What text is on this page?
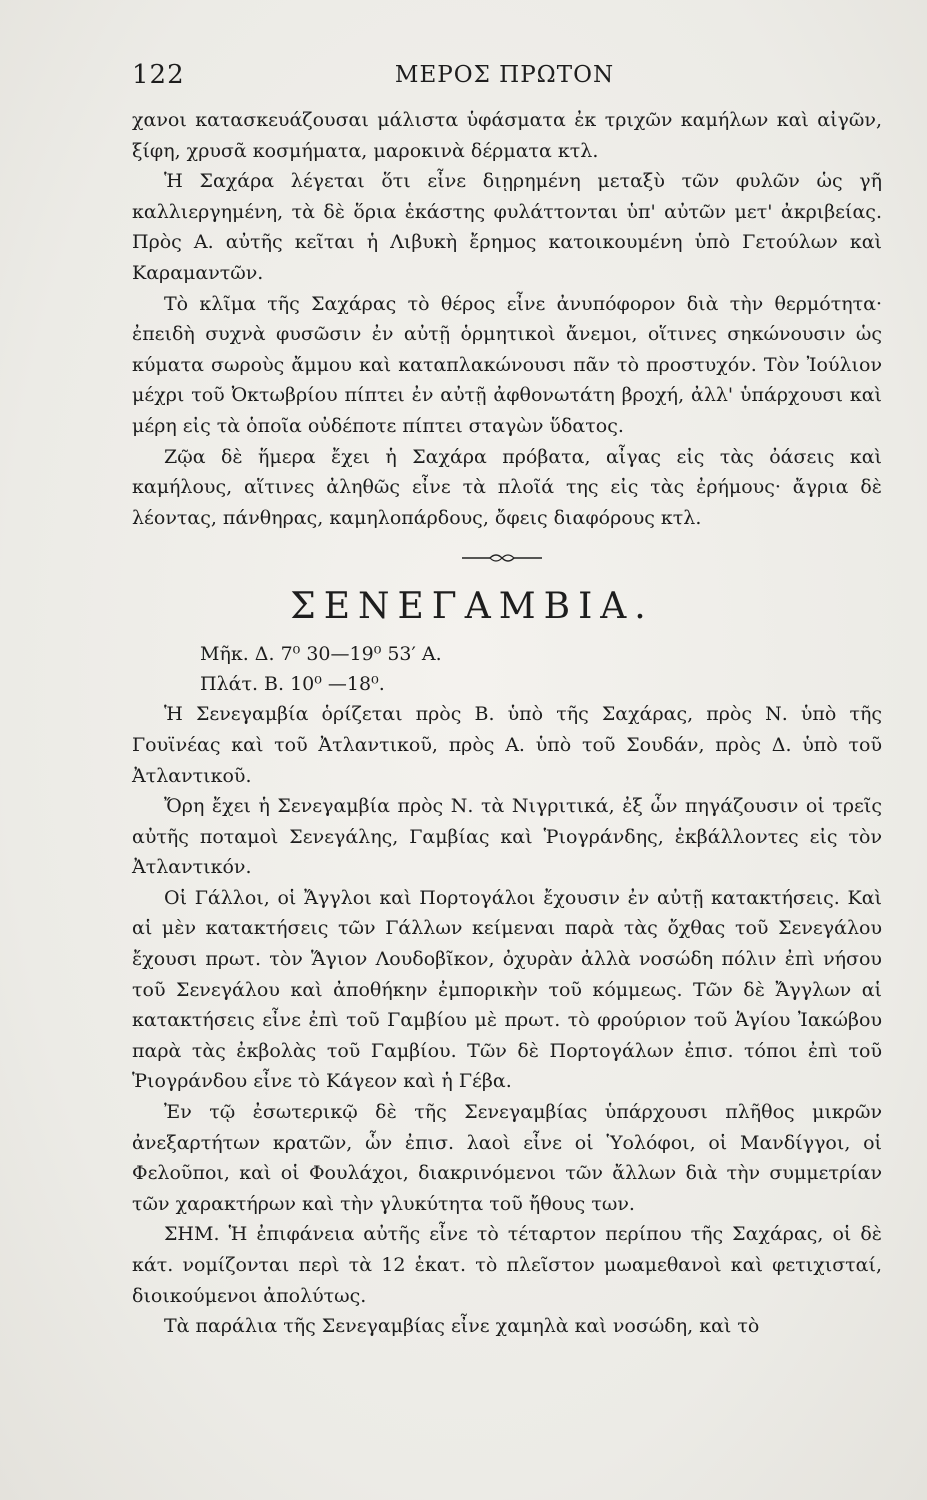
122	ΜΕΡΟΣ ΠΡΩΤΟΝ

χανοι κατασκευάζουσαι μάλιστα ὑφάσματα ἐκ τριχῶν καμήλων καὶ αἰγῶν, ξίφη, χρυσᾶ κοσμήματα, μαροκινὰ δέρματα κτλ.

Ἡ Σαχάρα λέγεται ὅτι εἶνε διῃρημένη μεταξὺ τῶν φυλῶν ὡς γῆ καλλιεργημένη, τὰ δὲ ὅρια ἑκάστης φυλάττονται ὑπ' αὐτῶν μετ' ἀκριβείας. Πρὸς Α. αὐτῆς κεῖται ἡ Λιβυκὴ ἔρημος κατοικουμένη ὑπὸ Γετούλων καὶ Καραμαντῶν.

Τὸ κλῖμα τῆς Σαχάρας τὸ θέρος εἶνε ἀνυπόφορον διὰ τὴν θερμότητα· ἐπειδὴ συχνὰ φυσῶσιν ἐν αὐτῇ ὁρμητικοὶ ἄνεμοι, οἵτινες σηκώνουσιν ὡς κύματα σωροὺς ἄμμου καὶ καταπλακώνουσι πᾶν τὸ προστυχόν. Τὸν Ἰούλιον μέχρι τοῦ Ὀκτωβρίου πίπτει ἐν αὐτῇ ἀφθονωτάτη βροχή, ἀλλ' ὑπάρχουσι καὶ μέρη εἰς τὰ ὁποῖα οὐδέποτε πίπτει σταγὼν ὕδατος.

Ζῷα δὲ ἥμερα ἔχει ἡ Σαχάρα πρόβατα, αἶγας εἰς τὰς ὀάσεις καὶ καμήλους, αἵτινες ἀληθῶς εἶνε τὰ πλοῖά της εἰς τὰς ἐρήμους· ἄγρια δὲ λέοντας, πάνθηρας, καμηλοπάρδους, ὄφεις διαφόρους κτλ.

ΣΕΝΕΓΑΜΒΙΑ.
Μῆκ. Δ. 7⁰ 30—19⁰ 53′ Α.
Πλάτ. Β. 10⁰ —18⁰.

Ἡ Σενεγαμβία ὁρίζεται πρὸς Β. ὑπὸ τῆς Σαχάρας, πρὸς Ν. ὑπὸ τῆς Γουϊνέας καὶ τοῦ Ἀτλαντικοῦ, πρὸς Α. ὑπὸ τοῦ Σουδάν, πρὸς Δ. ὑπὸ τοῦ Ἀτλαντικοῦ.

Ὄρη ἔχει ἡ Σενεγαμβία πρὸς Ν. τὰ Νιγριτικά, ἐξ ὧν πηγάζουσιν οἱ τρεῖς αὐτῆς ποταμοὶ Σενεγάλης, Γαμβίας καὶ Ῥιογράνδης, ἐκβάλλοντες εἰς τὸν Ἀτλαντικόν.

Οἱ Γάλλοι, οἱ Ἄγγλοι καὶ Πορτογάλοι ἔχουσιν ἐν αὐτῇ κατακτήσεις. Καὶ αἱ μὲν κατακτήσεις τῶν Γάλλων κείμεναι παρὰ τὰς ὄχθας τοῦ Σενεγάλου ἔχουσι πρωτ. τὸν Ἅγιον Λουδοβῖκον, ὀχυρὰν ἀλλὰ νοσώδη πόλιν ἐπὶ νήσου τοῦ Σενεγάλου καὶ ἀποθήκην ἐμπορικὴν τοῦ κόμμεως. Τῶν δὲ Ἄγγλων αἱ κατακτήσεις εἶνε ἐπὶ τοῦ Γαμβίου μὲ πρωτ. τὸ φρούριον τοῦ Ἁγίου Ἰακώβου παρὰ τὰς ἐκβολὰς τοῦ Γαμβίου. Τῶν δὲ Πορτογάλων ἐπισ. τόποι ἐπὶ τοῦ Ῥιογράνδου εἶνε τὸ Κάγεον καὶ ἡ Γέβα.

Ἐν τῷ ἐσωτερικῷ δὲ τῆς Σενεγαμβίας ὑπάρχουσι πλῆθος μικρῶν ἀνεξαρτήτων κρατῶν, ὧν ἐπισ. λαοὶ εἶνε οἱ Ὑολόφοι, οἱ Μανδίγγοι, οἱ Φελοῦποι, καὶ οἱ Φουλάχοι, διακρινόμενοι τῶν ἄλλων διὰ τὴν συμμετρίαν τῶν χαρακτήρων καὶ τὴν γλυκύτητα τοῦ ἤθους των.

ΣΗΜ. Ἡ ἐπιφάνεια αὐτῆς εἶνε τὸ τέταρτον περίπου τῆς Σαχάρας, οἱ δὲ κάτ. νομίζονται περὶ τὰ 12 ἑκατ. τὸ πλεῖστον μωαμεθανοὶ καὶ φετιχισταί, διοικούμενοι ἀπολύτως.

Τὰ παράλια τῆς Σενεγαμβίας εἶνε χαμηλὰ καὶ νοσώδη, καὶ τὸ
